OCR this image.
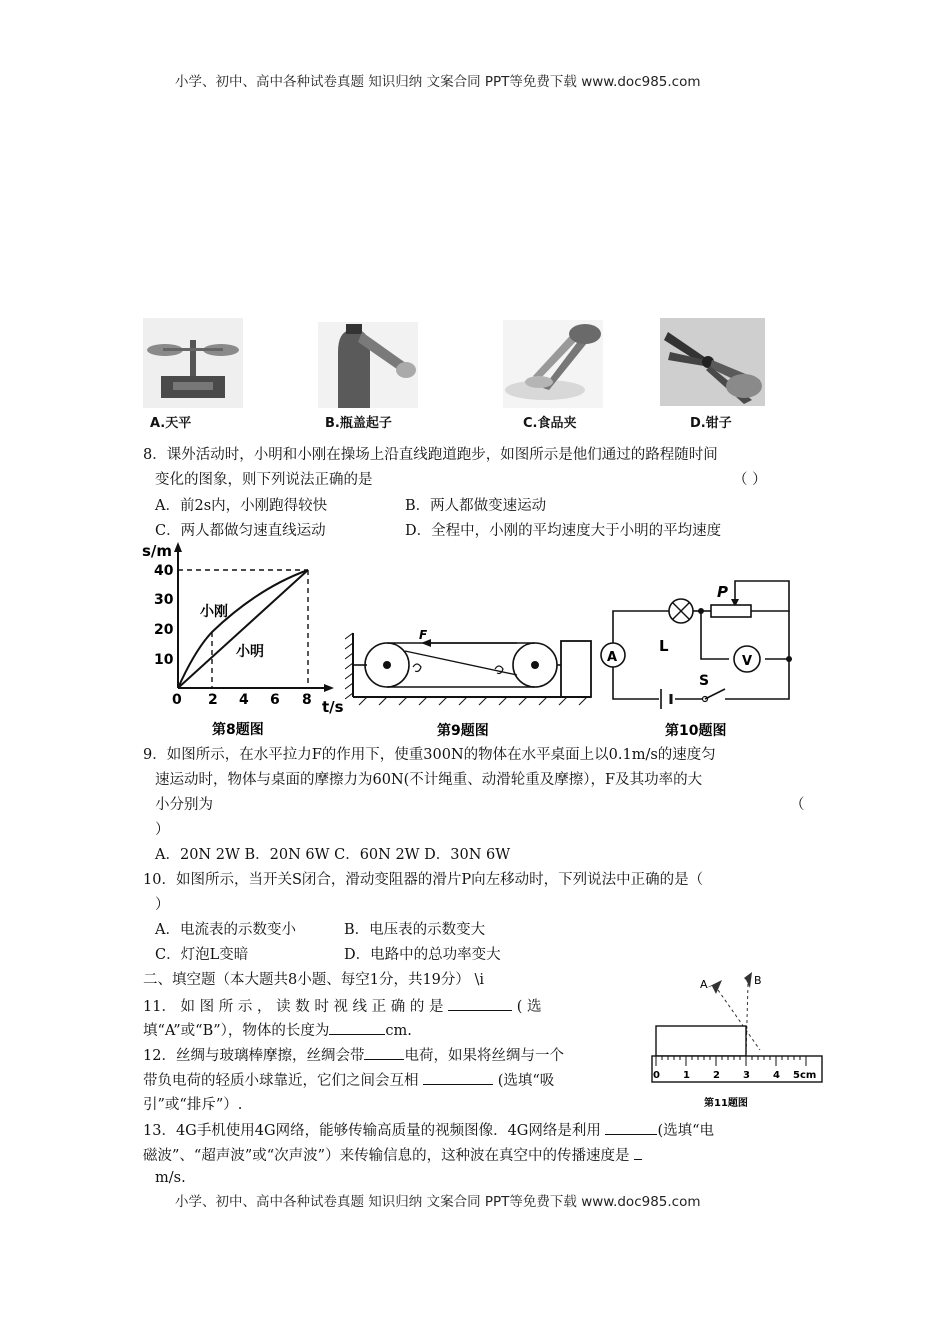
小学、初中、高中各种试卷真题 知识归纳 文案合同 PPT等免费下载 www.doc985.com
小学、初中、高中各种试卷真题 知识归纳 文案合同 PPT等免费下载 www.doc985.com
A.天平	B.瓶盖起子	C.食品夹	D.钳子
8．课外活动时，小明和小刚在操场上沿直线跑道跑步，如图所示是他们通过的路程随时间
变化的图象，则下列说法正确的是	（ ）
A．前2s内，小刚跑得较快	B．两人都做变速运动
C．两人都做匀速直线运动	D．全程中，小刚的平均速度大于小明的平均速度
s/m
t/s
40
30
20
10
0 2 4 6 8
小刚
小明
第8题图
F
第9题图
A
L
P
V
S
第10题图
9．如图所示，在水平拉力F的作用下，使重300N的物体在水平桌面上以0.1m/s的速度匀
速运动时，物体与桌面的摩擦力为60N(不计绳重、动滑轮重及摩擦），F及其功率的大
小分别为	（
）
A．20N 2W B．20N 6W C．60N 2W D．30N 6W
10．如图所示，当开关S闭合，滑动变阻器的滑片P向左移动时，下列说法中正确的是（
）
A．电流表的示数变小	B．电压表的示数变大
C．灯泡L变暗	D．电路中的总功率变大
二、填空题（本大题共8小题、每空1分，共19分） \i
11． 如 图 所 示 ， 读 数 时 视 线 正 确 的 是	( 选
填“A”或“B”），物体的长度为	cm.
A	B
0 1 2 3 4 5cm
第11题图
12．丝绸与玻璃棒摩擦，丝绸会带	电荷，如果将丝绸与一个
带负电荷的轻质小球靠近，它们之间会互相	(选填“吸
引”或“排斥”）.
13．4G手机使用4G网络，能够传输高质量的视频图像．4G网络是利用	(选填“电
磁波”、“超声波”或“次声波”）来传输信息的，这种波在真空中的传播速度是
m/s.
